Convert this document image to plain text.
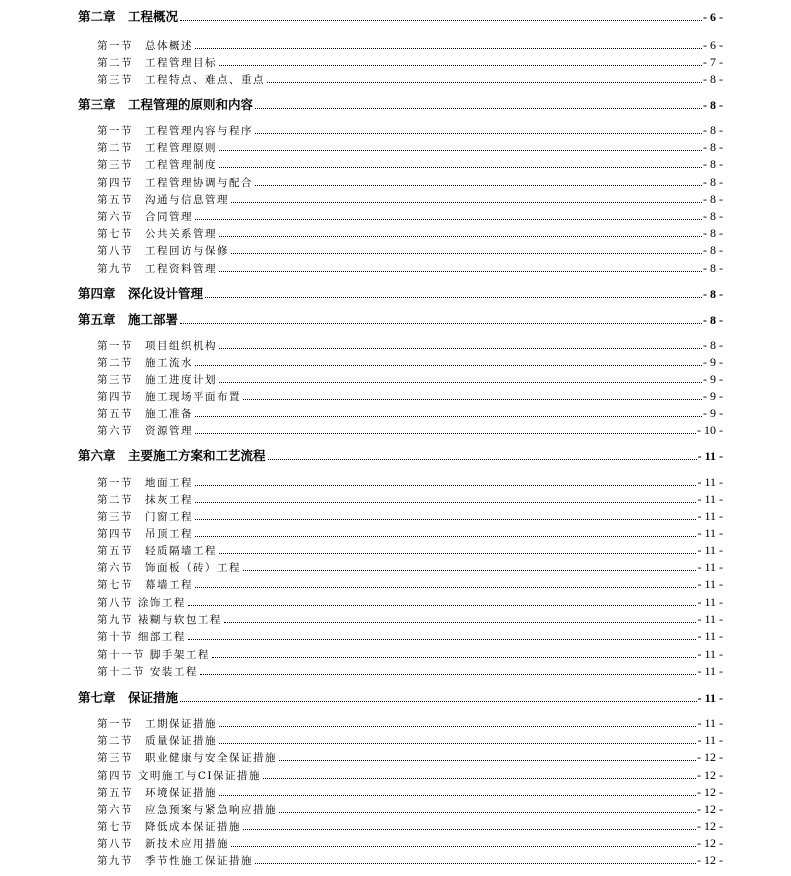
第二章　工程概况	- 6 -
第一节　总体概述	- 6 -
第二节　工程管理目标	- 7 -
第三节　工程特点、难点、重点	- 8 -
第三章　工程管理的原则和内容	- 8 -
第一节　工程管理内容与程序	- 8 -
第二节　工程管理原则	- 8 -
第三节　工程管理制度	- 8 -
第四节　工程管理协调与配合	- 8 -
第五节　沟通与信息管理	- 8 -
第六节　合同管理	- 8 -
第七节　公共关系管理	- 8 -
第八节　工程回访与保修	- 8 -
第九节　工程资料管理	- 8 -
第四章　深化设计管理	- 8 -
第五章　施工部署	- 8 -
第一节　项目组织机构	- 8 -
第二节　施工流水	- 9 -
第三节　施工进度计划	- 9 -
第四节　施工现场平面布置	- 9 -
第五节　施工准备	- 9 -
第六节　资源管理	- 10 -
第六章　主要施工方案和工艺流程	- 11 -
第一节　地面工程	- 11 -
第二节　抹灰工程	- 11 -
第三节　门窗工程	- 11 -
第四节　吊顶工程	- 11 -
第五节　轻质隔墙工程	- 11 -
第六节　饰面板（砖）工程	- 11 -
第七节　幕墙工程	- 11 -
第八节 涂饰工程	- 11 -
第九节 裱糊与软包工程	- 11 -
第十节 细部工程	- 11 -
第十一节 脚手架工程	- 11 -
第十二节 安装工程	- 11 -
第七章　保证措施	- 11 -
第一节　工期保证措施	- 11 -
第二节　质量保证措施	- 11 -
第三节　职业健康与安全保证措施	- 12 -
第四节 文明施工与CI保证措施	- 12 -
第五节　环境保证措施	- 12 -
第六节　应急预案与紧急响应措施	- 12 -
第七节　降低成本保证措施	- 12 -
第八节　新技术应用措施	- 12 -
第九节　季节性施工保证措施	- 12 -
